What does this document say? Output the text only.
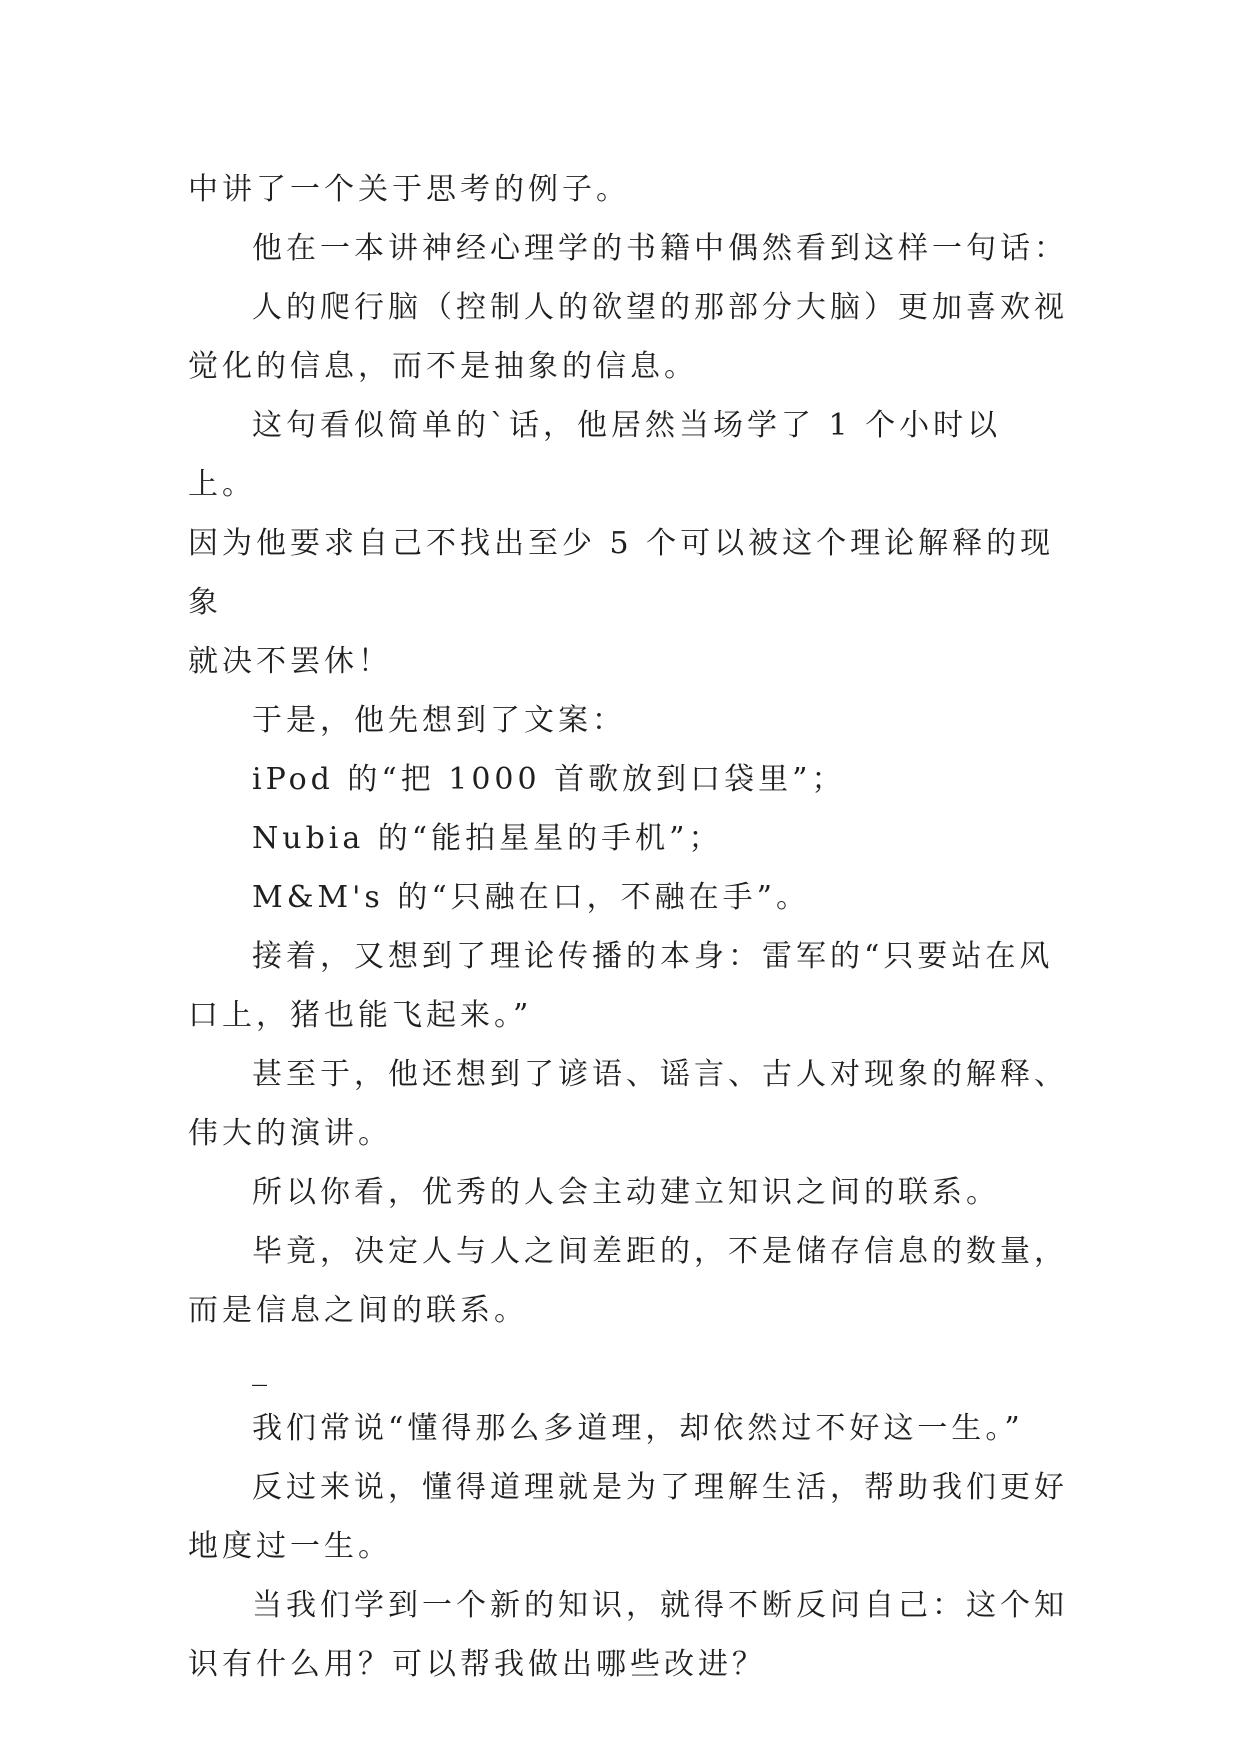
中讲了一个关于思考的例子。

他在一本讲神经心理学的书籍中偶然看到这样一句话：

人的爬行脑（控制人的欲望的那部分大脑）更加喜欢视

觉化的信息，而不是抽象的信息。

这句看似简单的`话，他居然当场学了 1 个小时以上。

因为他要求自己不找出至少 5 个可以被这个理论解释的现象

就决不罢休！

于是，他先想到了文案：

iPod 的“把 1000 首歌放到口袋里”；

Nubia 的“能拍星星的手机”；

M&M's 的“只融在口，不融在手”。

接着，又想到了理论传播的本身：雷军的“只要站在风

口上，猪也能飞起来。”

甚至于，他还想到了谚语、谣言、古人对现象的解释、

伟大的演讲。

所以你看，优秀的人会主动建立知识之间的联系。

毕竟，决定人与人之间差距的，不是储存信息的数量，

而是信息之间的联系。

_

我们常说“懂得那么多道理，却依然过不好这一生。”

反过来说，懂得道理就是为了理解生活，帮助我们更好

地度过一生。

当我们学到一个新的知识，就得不断反问自己：这个知

识有什么用？可以帮我做出哪些改进？
